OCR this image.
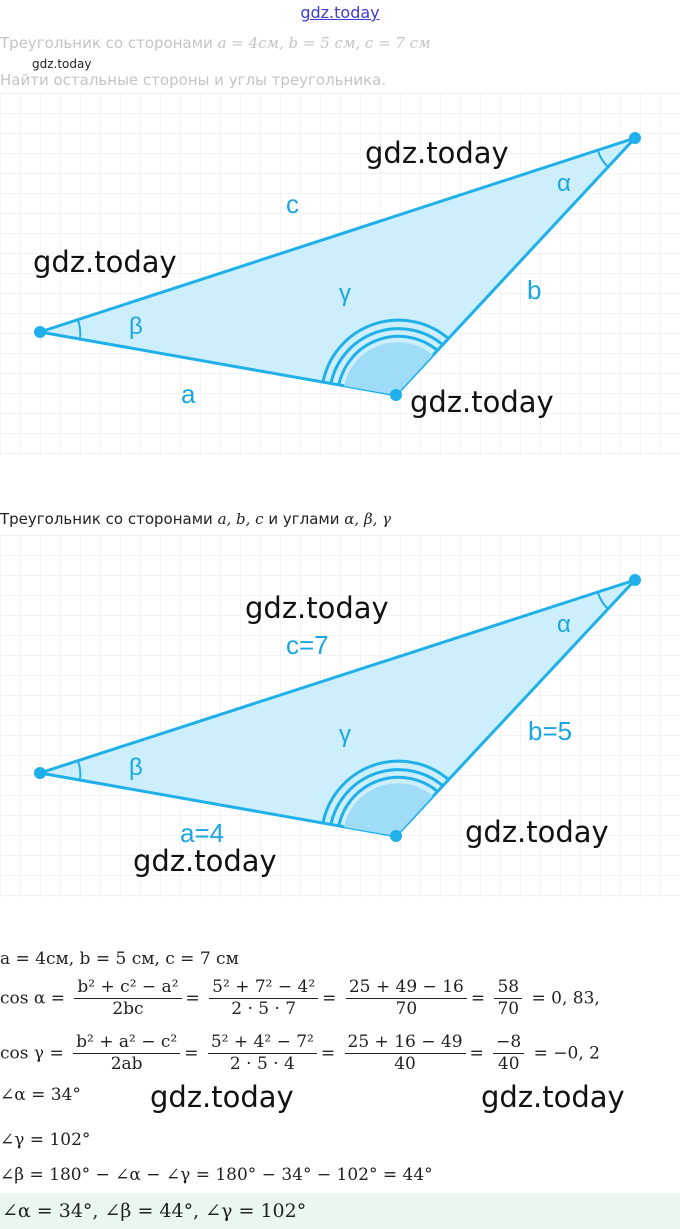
gdz.today
Треугольник со сторонами a = 4см, b = 5 см, c = 7 см
gdz.today
Найти остальные стороны и углы треугольника.
c
b
a
α
β
γ
gdz.today
gdz.today
gdz.today
Треугольник со сторонами a, b, c и углами α, β, γ
c=7
b=5
a=4
α
β
γ
gdz.today
gdz.today
gdz.today
a = 4см, b = 5 см, c = 7 см
$\cos \alpha = \frac{\text{b² + c² − a²}}{2bc} = \frac{\text{5² + 7² − 4²}}{2 \cdot 5 \cdot 7} = \frac{25 + 49 - 16}{70} = \frac{58}{70} = 0$, 83,
$\cos \gamma = \frac{\text{b² + a² − c²}}{2ab} = \frac{\text{5² + 4² − 7²}}{2 \cdot 5 \cdot 4} = \frac{25 + 16 - 49}{40} = \frac{-8}{40} = -0$, 2
∠α = 34° gdz.today	gdz.today
∠γ = 102°
∠β = 180° − ∠α − ∠γ = 180° − 34° − 102° = 44°
∠α = 34°, ∠β = 44°, ∠γ = 102°
